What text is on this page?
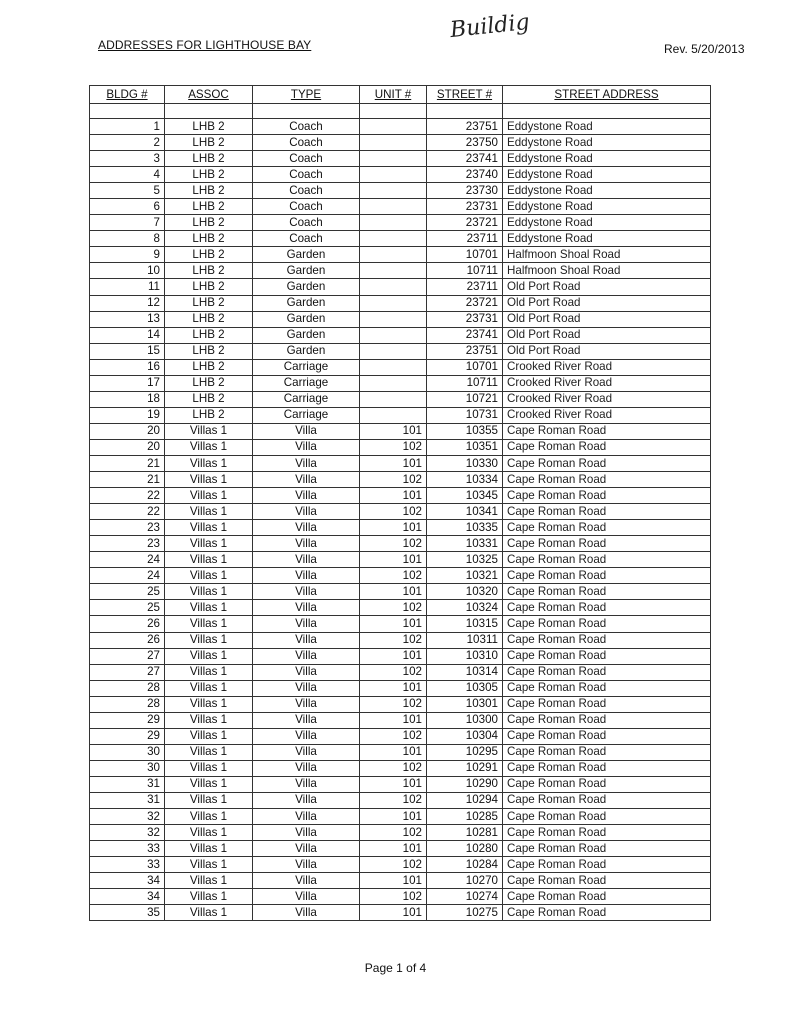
ADDRESSES FOR LIGHTHOUSE BAY
Buildig
Rev. 5/20/2013
BLDG #	ASSOC	TYPE	UNIT #	STREET #	STREET ADDRESS

1	LHB 2	Coach		23751	Eddystone Road
2	LHB 2	Coach		23750	Eddystone Road
3	LHB 2	Coach		23741	Eddystone Road
4	LHB 2	Coach		23740	Eddystone Road
5	LHB 2	Coach		23730	Eddystone Road
6	LHB 2	Coach		23731	Eddystone Road
7	LHB 2	Coach		23721	Eddystone Road
8	LHB 2	Coach		23711	Eddystone Road
9	LHB 2	Garden		10701	Halfmoon Shoal Road
10	LHB 2	Garden		10711	Halfmoon Shoal Road
11	LHB 2	Garden		23711	Old Port Road
12	LHB 2	Garden		23721	Old Port Road
13	LHB 2	Garden		23731	Old Port Road
14	LHB 2	Garden		23741	Old Port Road
15	LHB 2	Garden		23751	Old Port Road
16	LHB 2	Carriage		10701	Crooked River Road
17	LHB 2	Carriage		10711	Crooked River Road
18	LHB 2	Carriage		10721	Crooked River Road
19	LHB 2	Carriage		10731	Crooked River Road
20	Villas 1	Villa	101	10355	Cape Roman Road
20	Villas 1	Villa	102	10351	Cape Roman Road
21	Villas 1	Villa	101	10330	Cape Roman Road
21	Villas 1	Villa	102	10334	Cape Roman Road
22	Villas 1	Villa	101	10345	Cape Roman Road
22	Villas 1	Villa	102	10341	Cape Roman Road
23	Villas 1	Villa	101	10335	Cape Roman Road
23	Villas 1	Villa	102	10331	Cape Roman Road
24	Villas 1	Villa	101	10325	Cape Roman Road
24	Villas 1	Villa	102	10321	Cape Roman Road
25	Villas 1	Villa	101	10320	Cape Roman Road
25	Villas 1	Villa	102	10324	Cape Roman Road
26	Villas 1	Villa	101	10315	Cape Roman Road
26	Villas 1	Villa	102	10311	Cape Roman Road
27	Villas 1	Villa	101	10310	Cape Roman Road
27	Villas 1	Villa	102	10314	Cape Roman Road
28	Villas 1	Villa	101	10305	Cape Roman Road
28	Villas 1	Villa	102	10301	Cape Roman Road
29	Villas 1	Villa	101	10300	Cape Roman Road
29	Villas 1	Villa	102	10304	Cape Roman Road
30	Villas 1	Villa	101	10295	Cape Roman Road
30	Villas 1	Villa	102	10291	Cape Roman Road
31	Villas 1	Villa	101	10290	Cape Roman Road
31	Villas 1	Villa	102	10294	Cape Roman Road
32	Villas 1	Villa	101	10285	Cape Roman Road
32	Villas 1	Villa	102	10281	Cape Roman Road
33	Villas 1	Villa	101	10280	Cape Roman Road
33	Villas 1	Villa	102	10284	Cape Roman Road
34	Villas 1	Villa	101	10270	Cape Roman Road
34	Villas 1	Villa	102	10274	Cape Roman Road
35	Villas 1	Villa	101	10275	Cape Roman Road
Page 1 of 4
